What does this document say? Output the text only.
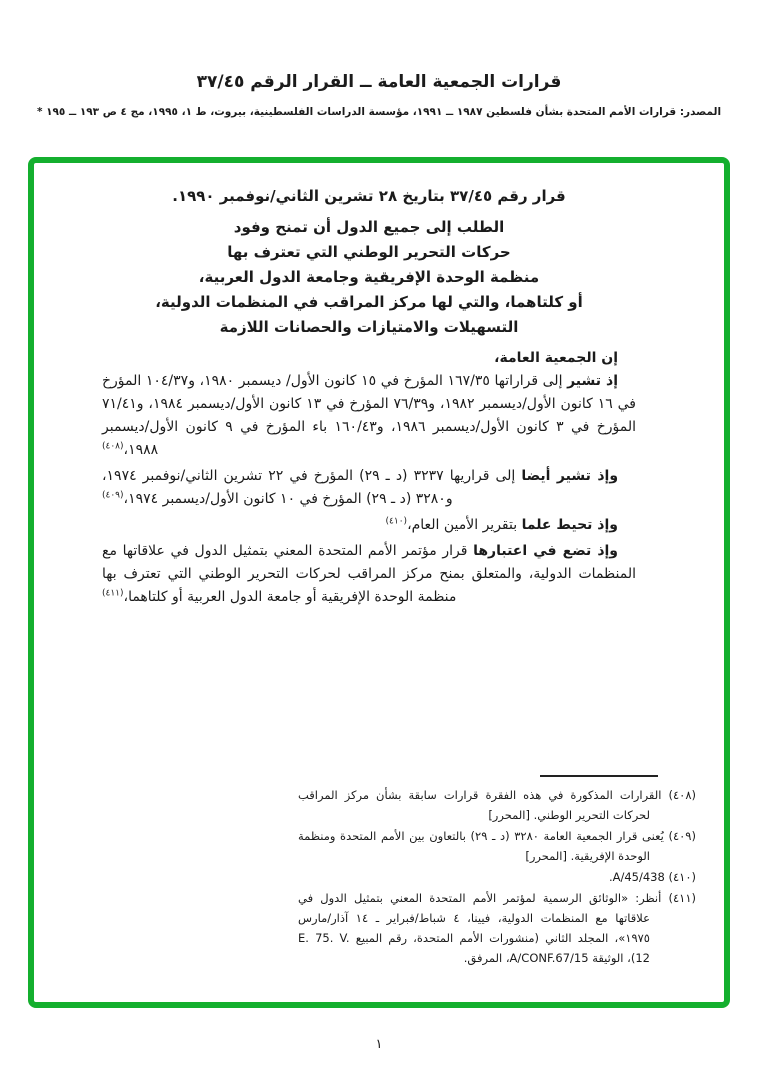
قرارات الجمعية العامة ــ القرار الرقم ٣٧/٤٥
المصدر: قرارات الأمم المتحدة بشأن فلسطين ١٩٨٧ ــ ١٩٩١، مؤسسة الدراسات الفلسطينية، بيروت، ط ١، ١٩٩٥، مج ٤ ص ١٩٣ ــ ١٩٥ *
قرار رقم ٣٧/٤٥ بتاريخ ٢٨ تشرين الثاني/نوفمبر ١٩٩٠.
الطلب إلى جميع الدول أن تمنح وفود
حركات التحرير الوطني التي تعترف بها
منظمة الوحدة الإفريقية وجامعة الدول العربية،
أو كلتاهما، والتي لها مركز المراقب في المنظمات الدولية،
التسهيلات والامتيازات والحصانات اللازمة
إن الجمعية العامة،

إذ تشير إلى قراراتها ١٦٧/٣٥ المؤرخ في ١٥ كانون الأول/ ديسمبر ١٩٨٠، و١٠٤/٣٧ المؤرخ في ١٦ كانون الأول/ديسمبر ١٩٨٢، و٧٦/٣٩ المؤرخ في ١٣ كانون الأول/ديسمبر ١٩٨٤، و٧١/٤١ المؤرخ في ٣ كانون الأول/ديسمبر ١٩٨٦، و١٦٠/٤٣ باء المؤرخ في ٩ كانون الأول/ديسمبر ١٩٨٨،$^{(٤٠٨)}$

وإذ تشير أيضا إلى قراريها ٣٢٣٧ (د ـ ٢٩) المؤرخ في ٢٢ تشرين الثاني/نوفمبر ١٩٧٤، و٣٢٨٠ (د ـ ٢٩) المؤرخ في ١٠ كانون الأول/ديسمبر ١٩٧٤،$^{(٤٠٩)}$

وإذ تحيط علما بتقرير الأمين العام،$^{(٤١٠)}$

وإذ تضع في اعتبارها قرار مؤتمر الأمم المتحدة المعني بتمثيل الدول في علاقاتها مع المنظمات الدولية، والمتعلق بمنح مركز المراقب لحركات التحرير الوطني التي تعترف بها منظمة الوحدة الإفريقية أو جامعة الدول العربية أو كلتاهما،$^{(٤١١)}$

(٤٠٨) القرارات المذكورة في هذه الفقرة قرارات سابقة بشأن مركز المراقب لحركات التحرير الوطني. [المحرر]
(٤٠٩) يُعنى قرار الجمعية العامة ٣٢٨٠ (د ـ ٢٩) بالتعاون بين الأمم المتحدة ومنظمة الوحدة الإفريقية. [المحرر]
(٤١٠) A/45/438.
(٤١١) أنظر: «الوثائق الرسمية لمؤتمر الأمم المتحدة المعني بتمثيل الدول في علاقاتها مع المنظمات الدولية، فيينا، ٤ شباط/فبراير ـ ١٤ آذار/مارس ١٩٧٥»، المجلد الثاني (منشورات الأمم المتحدة، رقم المبيع E. 75. V. 12)، الوثيقة A/CONF.67/15، المرفق.
١
